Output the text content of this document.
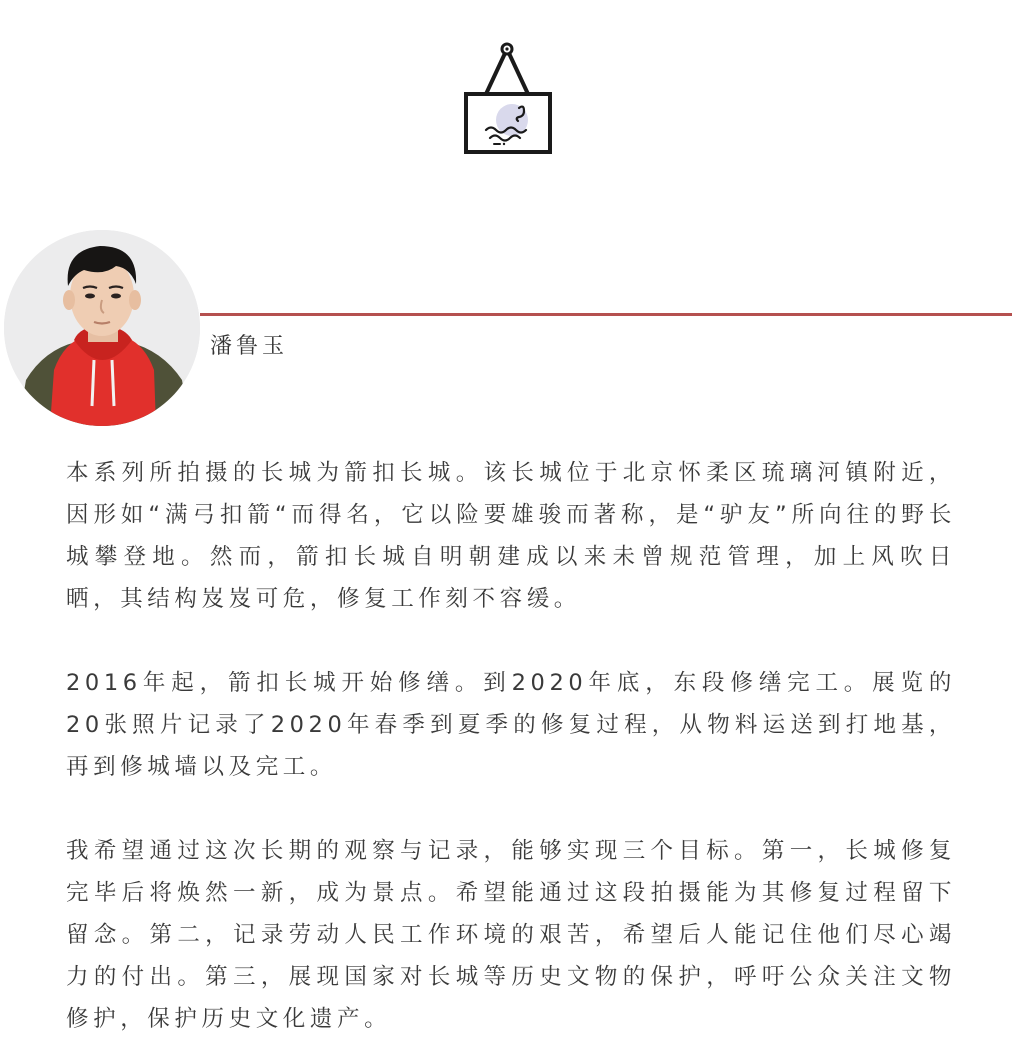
潘鲁玉

本系列所拍摄的长城为箭扣长城。该长城位于北京怀柔区琉璃河镇附近，因形如“满弓扣箭“而得名，它以险要雄骏而著称，是“驴友”所向往的野长城攀登地。然而，箭扣长城自明朝建成以来未曾规范管理，加上风吹日晒，其结构岌岌可危，修复工作刻不容缓。

2016年起，箭扣长城开始修缮。到2020年底，东段修缮完工。展览的20张照片记录了2020年春季到夏季的修复过程，从物料运送到打地基，再到修城墙以及完工。

我希望通过这次长期的观察与记录，能够实现三个目标。第一，长城修复完毕后将焕然一新，成为景点。希望能通过这段拍摄能为其修复过程留下留念。第二，记录劳动人民工作环境的艰苦，希望后人能记住他们尽心竭力的付出。第三，展现国家对长城等历史文物的保护，呼吁公众关注文物修护，保护历史文化遗产。
